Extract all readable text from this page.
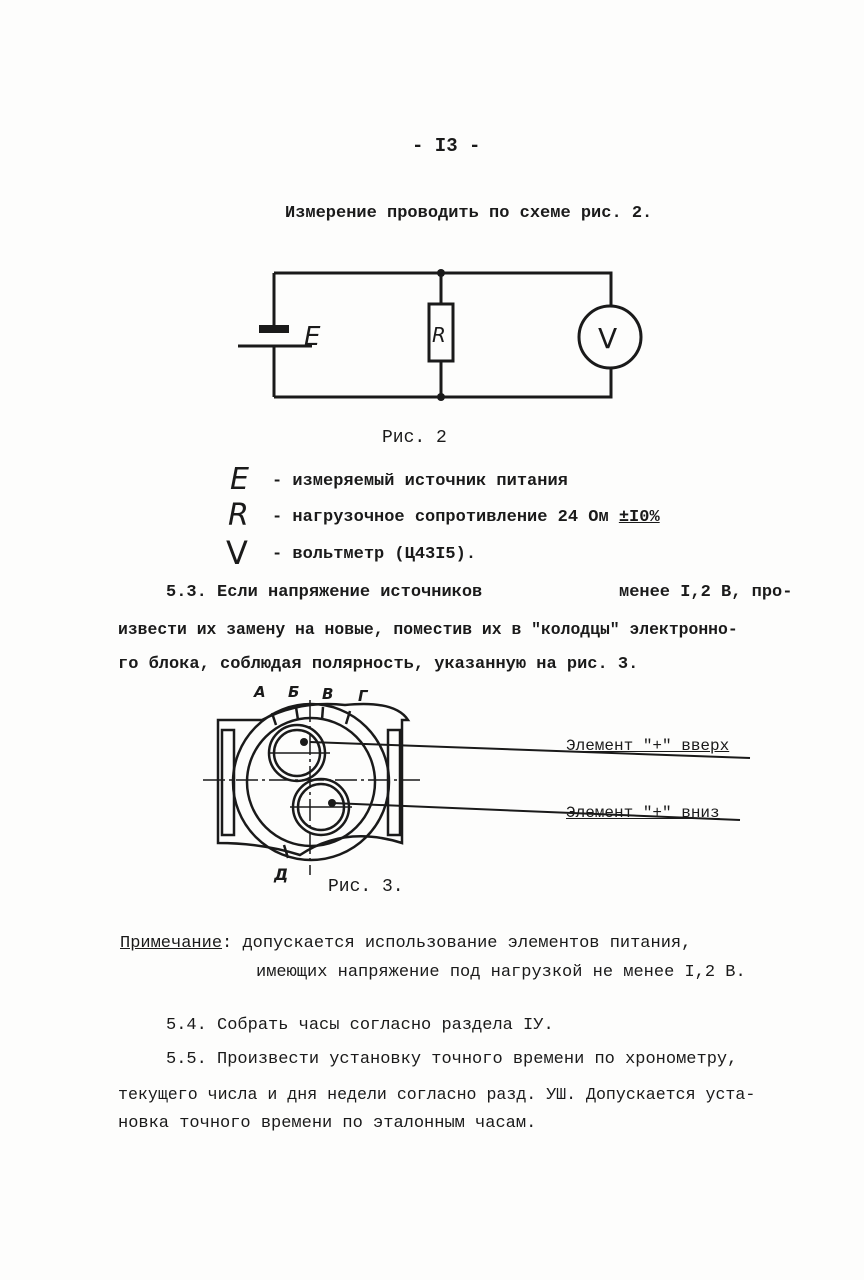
- I3 -
Измерение проводить по схеме рис. 2.
E	R	V
А Б В Г
Д
Рис. 2
E - измеряемый источник питания
R - нагрузочное сопротивление 24 Ом ±I0%
V - вольтметр (Ц43I5).
5.3. Если напряжение источников	менее I,2 В, про-
извести их замену на новые, поместив их в "колодцы" электронно-
го блока, соблюдая полярность, указанную на рис. 3.
Элемент "+" вверх
Элемент "+" вниз
Рис. 3.
Примечание: допускается использование элементов питания,
имеющих напряжение под нагрузкой не менее I,2 В.
5.4. Собрать часы согласно раздела IУ.
5.5. Произвести установку точного времени по хронометру,
текущего числа и дня недели согласно разд. УШ. Допускается уста-
новка точного времени по эталонным часам.
